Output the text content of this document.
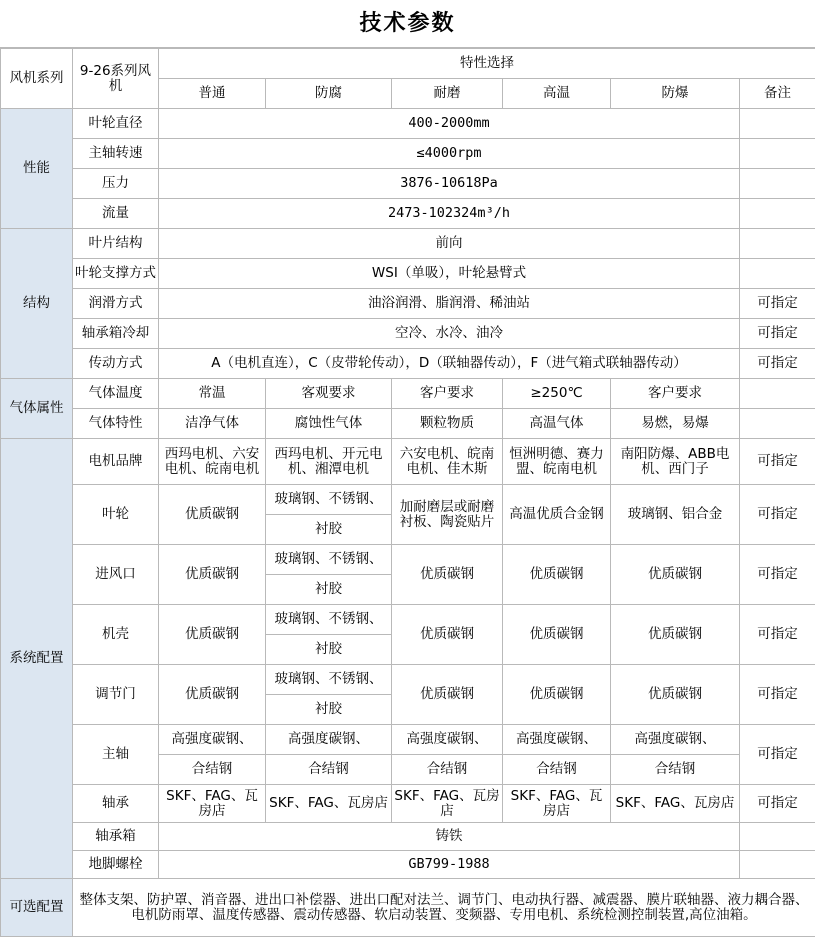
技术参数
风机系列	9-26系列风机	特性选择					
		普通	防腐	耐磨	高温	防爆	备注
性能	叶轮直径	400-2000mm					
	主轴转速	≤4000rpm					
	压力	3876-10618Pa					
	流量	2473-102324m³/h					
结构	叶片结构	前向					
	叶轮支撑方式	WSI（单吸），叶轮悬臂式					
	润滑方式	油浴润滑、脂润滑、稀油站					可指定
	轴承箱冷却	空冷、水冷、油冷					可指定
	传动方式	A（电机直连），C（皮带轮传动），D（联轴器传动），F（进气箱式联轴器传动）					可指定
气体属性	气体温度	常温	客观要求	客户要求	≥250℃	客户要求	
	气体特性	洁净气体	腐蚀性气体	颗粒物质	高温气体	易燃，易爆	
系统配置	电机品牌	西玛电机、六安电机、皖南电机	西玛电机、开元电机、湘潭电机	六安电机、皖南电机、佳木斯	恒洲明德、赛力盟、皖南电机	南阳防爆、ABB电机、西门子	可指定
	叶轮	优质碳钢	玻璃钢、不锈钢、	加耐磨层或耐磨衬板、陶瓷贴片	高温优质合金钢	玻璃钢、铝合金	可指定
			衬胶				
	进风口	优质碳钢	玻璃钢、不锈钢、	优质碳钢	优质碳钢	优质碳钢	可指定
			衬胶				
	机壳	优质碳钢	玻璃钢、不锈钢、	优质碳钢	优质碳钢	优质碳钢	可指定
			衬胶				
	调节门	优质碳钢	玻璃钢、不锈钢、	优质碳钢	优质碳钢	优质碳钢	可指定
			衬胶				
	主轴	高强度碳钢、	高强度碳钢、	高强度碳钢、	高强度碳钢、	高强度碳钢、	可指定
		合结钢	合结钢	合结钢	合结钢	合结钢	
	轴承	SKF、FAG、瓦房店	SKF、FAG、瓦房店	SKF、FAG、瓦房店	SKF、FAG、瓦房店	SKF、FAG、瓦房店	可指定
	轴承箱	铸铁					
	地脚螺栓	GB799-1988					
可选配置	整体支架、防护罩、消音器、进出口补偿器、进出口配对法兰、调节门、电动执行器、减震器、膜片联轴器、液力耦合器、电机防雨罩、温度传感器、震动传感器、软启动装置、变频器、专用电机、系统检测控制装置,高位油箱。						
